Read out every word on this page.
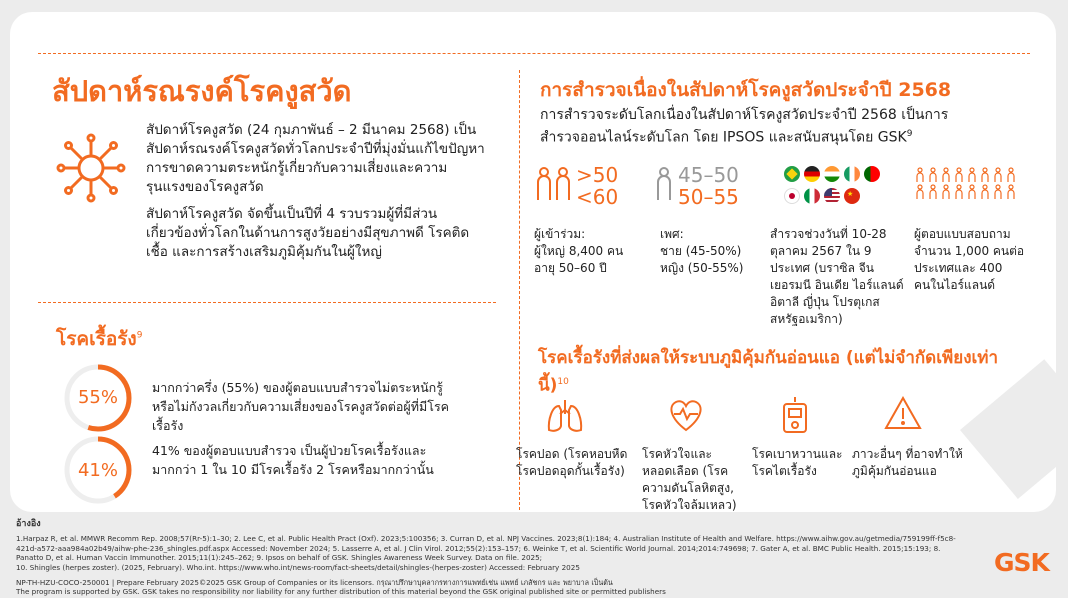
สัปดาห์รณรงค์โรคงูสวัด
สัปดาห์โรคงูสวัด (24 กุมภาพันธ์ – 2 มีนาคม 2568) เป็นสัปดาห์รณรงค์โรคงูสวัดทั่วโลกประจำปีที่มุ่งมั่นแก้ไขปัญหาการขาดความตระหนักรู้เกี่ยวกับความเสี่ยงและความรุนแรงของโรคงูสวัด
สัปดาห์โรคงูสวัด จัดขึ้นเป็นปีที่ 4 รวบรวมผู้ที่มีส่วนเกี่ยวข้องทั่วโลกในด้านการสูงวัยอย่างมีสุขภาพดี โรคติดเชื้อ และการสร้างเสริมภูมิคุ้มกันในผู้ใหญ่
โรคเรื้อรัง$^9$
55%	มากกว่าครึ่ง (55%) ของผู้ตอบแบบสำรวจไม่ตระหนักรู้หรือไม่กังวลเกี่ยวกับความเสี่ยงของโรคงูสวัดต่อผู้ที่มีโรคเรื้อรัง
41%
41% ของผู้ตอบแบบสำรวจ เป็นผู้ป่วยโรคเรื้อรังและมากกว่า 1 ใน 10 มีโรคเรื้อรัง 2 โรคหรือมากกว่านั้น
การสำรวจเนื่องในสัปดาห์โรคงูสวัดประจำปี 2568
การสำรวจระดับโลกเนื่องในสัปดาห์โรคงูสวัดประจำปี 2568 เป็นการสำรวจออนไลน์ระดับโลก โดย IPSOS และสนับสนุนโดย $GSK^9$
>50
<60
45–50
50–55	★
ผู้เข้าร่วม:
ผู้ใหญ่ 8,400 คน
อายุ 50–60 ปี
เพศ:
ชาย (45-50%)
หญิง (50-55%)
สำรวจช่วงวันที่ 10-28 ตุลาคม 2567 ใน 9 ประเทศ (บราซิล จีน เยอรมนี อินเดีย ไอร์แลนด์ อิตาลี ญี่ปุ่น โปรตุเกส สหรัฐอเมริกา)
ผู้ตอบแบบสอบถามจำนวน 1,000 คนต่อประเทศและ 400 คนในไอร์แลนด์
โรคเรื้อรังที่ส่งผลให้ระบบภูมิคุ้มกันอ่อนแอ (แต่ไม่จำกัดเพียงเท่านี้)$^{10}$
โรคปอด (โรคหอบหืด โรคปอดอุดกั้นเรื้อรัง)
โรคหัวใจและหลอดเลือด (โรคความดันโลหิตสูง, โรคหัวใจล้มเหลว)
โรคเบาหวานและโรคไตเรื้อรัง
ภาวะอื่นๆ ที่อาจทำให้ภูมิคุ้มกันอ่อนแอ
อ้างอิง
1.Harpaz R, et al. MMWR Recomm Rep. 2008;57(Rr-5):1–30; 2. Lee C, et al. Public Health Pract (Oxf). 2023;5:100356; 3. Curran D, et al. NPJ Vaccines. 2023;8(1):184; 4. Australian Institute of Health and Welfare. https://www.aihw.gov.au/getmedia/759199ff-f5c8-421d-a572-aaa984a02b49/aihw-phe-236_shingles.pdf.aspx Accessed: November 2024; 5. Lasserre A, et al. J Clin Virol. 2012;55(2):153–157; 6. Weinke T, et al. Scientific World Journal. 2014;2014:749698; 7. Gater A, et al. BMC Public Health. 2015;15:193; 8. Panatto D, et al. Human Vaccin Immunother. 2015;11(1):245–262; 9. Ipsos on behalf of GSK. Shingles Awareness Week Survey. Data on file. 2025;
10. Shingles (herpes zoster). (2025, February). Who.int. https://www.who.int/news-room/fact-sheets/detail/shingles-(herpes-zoster) Accessed: February 2025
NP-TH-HZU-COCO-250001 | Prepare February 2025©2025 GSK Group of Companies or its licensors. กรุณาปรึกษาบุคลากรทางการแพทย์เช่น แพทย์ เภสัชกร และ พยาบาล เป็นต้น
The program is supported by GSK. GSK takes no responsibility nor liability for any further distribution of this material beyond the GSK original published site or permitted publishers
GSK
